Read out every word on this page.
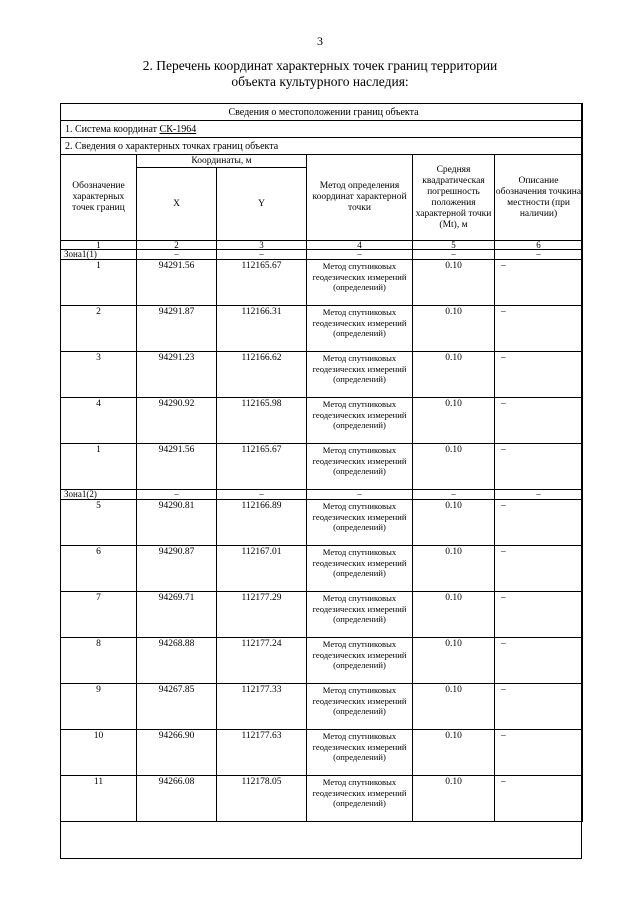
3
2. Перечень координат характерных точек границ территории
объекта культурного наследия:
Сведения о местоположении границ объекта					
1. Система координат СК-1964					
2. Сведения о характерных точках границ объекта					
Обозначение характерных точек границ	Координаты, м		Метод определения координат характерной точки	Средняя квадратическая погрешность положения характерной точки (Mt), м	Описание обозначения точкина местности (при наличии)
	X	Y			
1	2	3	4	5	6
Зона1(1)	–	–	–	–	–
1	94291.56	112165.67	Метод спутниковых геодезических измерений (определений)	0.10	–
2	94291.87	112166.31	Метод спутниковых геодезических измерений (определений)	0.10	–
3	94291.23	112166.62	Метод спутниковых геодезических измерений (определений)	0.10	–
4	94290.92	112165.98	Метод спутниковых геодезических измерений (определений)	0.10	–
1	94291.56	112165.67	Метод спутниковых геодезических измерений (определений)	0.10	–
Зона1(2)	–	–	–	–	–
5	94290.81	112166.89	Метод спутниковых геодезических измерений (определений)	0.10	–
6	94290.87	112167.01	Метод спутниковых геодезических измерений (определений)	0.10	–
7	94269.71	112177.29	Метод спутниковых геодезических измерений (определений)	0.10	–
8	94268.88	112177.24	Метод спутниковых геодезических измерений (определений)	0.10	–
9	94267.85	112177.33	Метод спутниковых геодезических измерений (определений)	0.10	–
10	94266.90	112177.63	Метод спутниковых геодезических измерений (определений)	0.10	–
11	94266.08	112178.05	Метод спутниковых геодезических измерений (определений)	0.10	–
